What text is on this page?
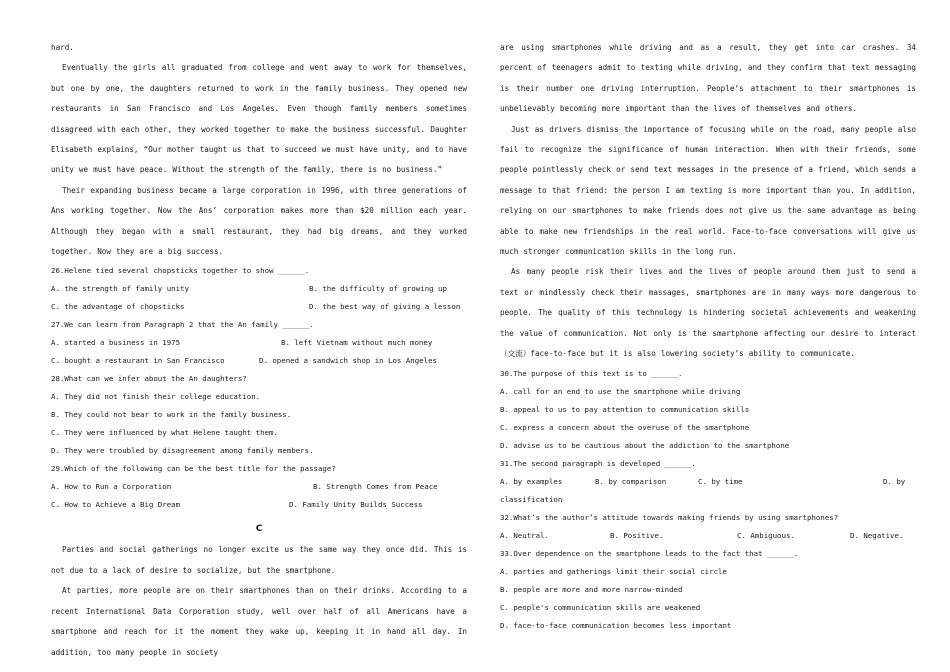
hard.

Eventually the girls all graduated from college and went away to work for themselves, but one by one, the daughters returned to work in the family business. They opened new restaurants in San Francisco and Los Angeles. Even though family members sometimes disagreed with each other, they worked together to make the business successful. Daughter Elisabeth explains, “Our mother taught us that to succeed we must have unity, and to have unity we must have peace. Without the strength of the family, there is no business.”

Their expanding business became a large corporation in 1996, with three generations of Ans working together. Now the Ans’ corporation makes more than $20 million each year. Although they began with a small restaurant, they had big dreams, and they worked together. Now they are a big success.

26.Helene tied several chopsticks together to show ______.

A. the strength of family unity	B. the difficulty of growing up
C. the advantage of chopsticks	D. the best way of giving a lesson

27.We can learn from Paragraph 2 that the An family ______.

A. started a business in 1975	B. left Vietnam without much money
C. bought a restaurant in San Francisco	D. opened a sandwich shop in Los Angeles

28.What can we infer about the An daughters?

A. They did not finish their college education.

B. They could not bear to work in the family business.

C. They were influenced by what Helene taught them.

D. They were troubled by disagreement among family members.

29.Which of the following can be the best title for the passage?

A. How to Run a Corporation	B. Strength Comes from Peace
C. How to Achieve a Big Dream	D. Family Unity Builds Success
C

Parties and social gatherings no longer excite us the same way they once did. This is not due to a lack of desire to socialize, but the smartphone.

At parties, more people are on their smartphones than on their drinks. According to a recent International Data Corporation study, well over half of all Americans have a smartphone and reach for it the moment they wake up, keeping it in hand all day. In addition, too many people in society

are using smartphones while driving and as a result, they get into car crashes. 34 percent of teenagers admit to texting while driving, and they confirm that text messaging is their number one driving interruption. People’s attachment to their smartphones is unbelievably becoming more important than the lives of themselves and others.

Just as drivers dismiss the importance of focusing while on the road, many people also fail to recognize the significance of human interaction. When with their friends, some people pointlessly check or send text messages in the presence of a friend, which sends a message to that friend: the person I am texting is more important than you. In addition, relying on our smartphones to make friends does not give us the same advantage as being able to make new friendships in the real world. Face-to-face conversations will give us much stronger communication skills in the long run.

As many people risk their lives and the lives of people around them just to send a text or mindlessly check their massages, smartphones are in many ways more dangerous to people. The quality of this technology is hindering societal achievements and weakening the value of communication. Not only is the smartphone affecting our desire to interact（交流）face-to-face but it is also lowering society’s ability to communicate.

30.The purpose of this text is to ______.

A. call for an end to use the smartphone while driving

B. appeal to us to pay attention to communication skills

C. express a concern about the overuse of the smartphone

D. advise us to be cautious about the addiction to the smartphone

31.The second paragraph is developed ______.

A. by examples	B. by comparison	C. by time	D. by

classification

32.What’s the author’s attitude towards making friends by using smartphones?

A. Neutral.	B. Positive.	C. Ambiguous.	D. Negative.

33.Over dependence on the smartphone leads to the fact that ______.

A. parties and gatherings limit their social circle

B. people are more and more narrow-minded

C. people's communication skills are weakened

D. face-to-face communication becomes less important
